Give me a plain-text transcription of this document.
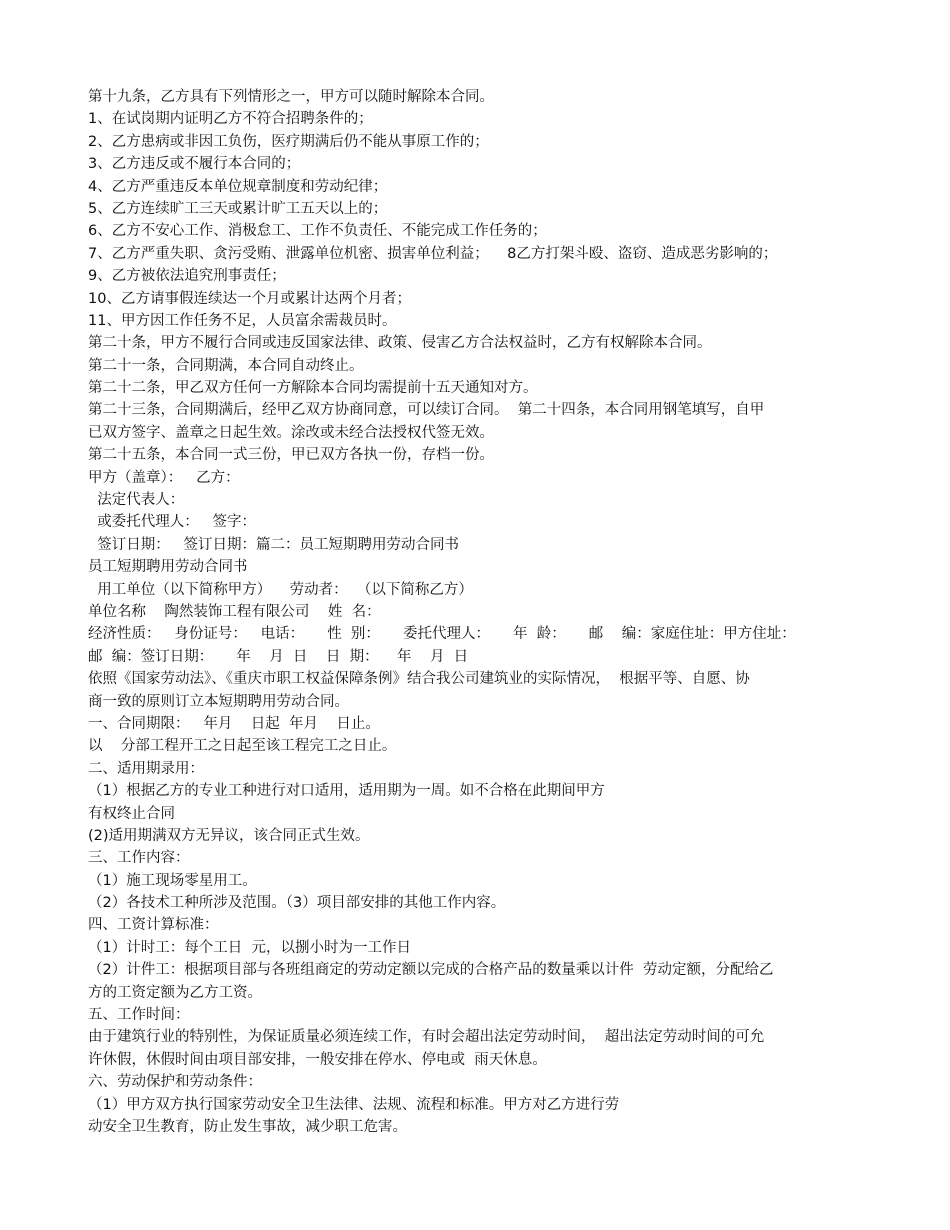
第十九条，乙方具有下列情形之一，甲方可以随时解除本合同。
1、在试岗期内证明乙方不符合招聘条件的；
2、乙方患病或非因工负伤，医疗期满后仍不能从事原工作的；
3、乙方违反或不履行本合同的；
4、乙方严重违反本单位规章制度和劳动纪律；
5、乙方连续旷工三天或累计旷工五天以上的；
6、乙方不安心工作、消极怠工、工作不负责任、不能完成工作任务的；
7、乙方严重失职、贪污受贿、泄露单位机密、损害单位利益；    8乙方打架斗殴、盗窃、造成恶劣影响的；
9、乙方被依法追究刑事责任；
10、乙方请事假连续达一个月或累计达两个月者；
11、甲方因工作任务不足，人员富余需裁员时。
第二十条，甲方不履行合同或违反国家法律、政策、侵害乙方合法权益时，乙方有权解除本合同。
第二十一条，合同期满，本合同自动终止。
第二十二条，甲乙双方任何一方解除本合同均需提前十五天通知对方。
第二十三条，合同期满后，经甲乙双方协商同意，可以续订合同。  第二十四条，本合同用钢笔填写，自甲
已双方签字、盖章之日起生效。涂改或未经合法授权代签无效。
第二十五条，本合同一式三份，甲已双方各执一份，存档一份。
甲方（盖章）：   乙方：
法定代表人：
或委托代理人：   签字：
签订日期：   签订日期：篇二：员工短期聘用劳动合同书
员工短期聘用劳动合同书
用工单位（以下简称甲方）    劳动者：  （以下简称乙方）
单位名称    陶然装饰工程有限公司    姓  名：
经济性质：   身份证号：   电话：     性  别：     委托代理人：     年  龄：     邮    编：家庭住址：甲方住址：
邮  编：签订日期：     年    月  日    日  期：    年    月  日
依照《国家劳动法》、《重庆市职工权益保障条例》结合我公司建筑业的实际情况，  根据平等、自愿、协
商一致的原则订立本短期聘用劳动合同。
一、合同期限：   年月    日起  年月    日止。
以    分部工程开工之日起至该工程完工之日止。
二、适用期录用：
（1）根据乙方的专业工种进行对口适用，适用期为一周。如不合格在此期间甲方
有权终止合同
(2)适用期满双方无异议，该合同正式生效。
三、工作内容：
（1）施工现场零星用工。
（2）各技术工种所涉及范围。（3）项目部安排的其他工作内容。
四、工资计算标准：
（1）计时工：每个工日  元，以捌小时为一工作日
（2）计件工：根据项目部与各班组商定的劳动定额以完成的合格产品的数量乘以计件  劳动定额，分配给乙
方的工资定额为乙方工资。
五、工作时间：
由于建筑行业的特别性，为保证质量必须连续工作，有时会超出法定劳动时间，  超出法定劳动时间的可允
许休假，休假时间由项目部安排，一般安排在停水、停电或  雨天休息。
六、劳动保护和劳动条件：
（1）甲方双方执行国家劳动安全卫生法律、法规、流程和标准。甲方对乙方进行劳
动安全卫生教育，防止发生事故，减少职工危害。
